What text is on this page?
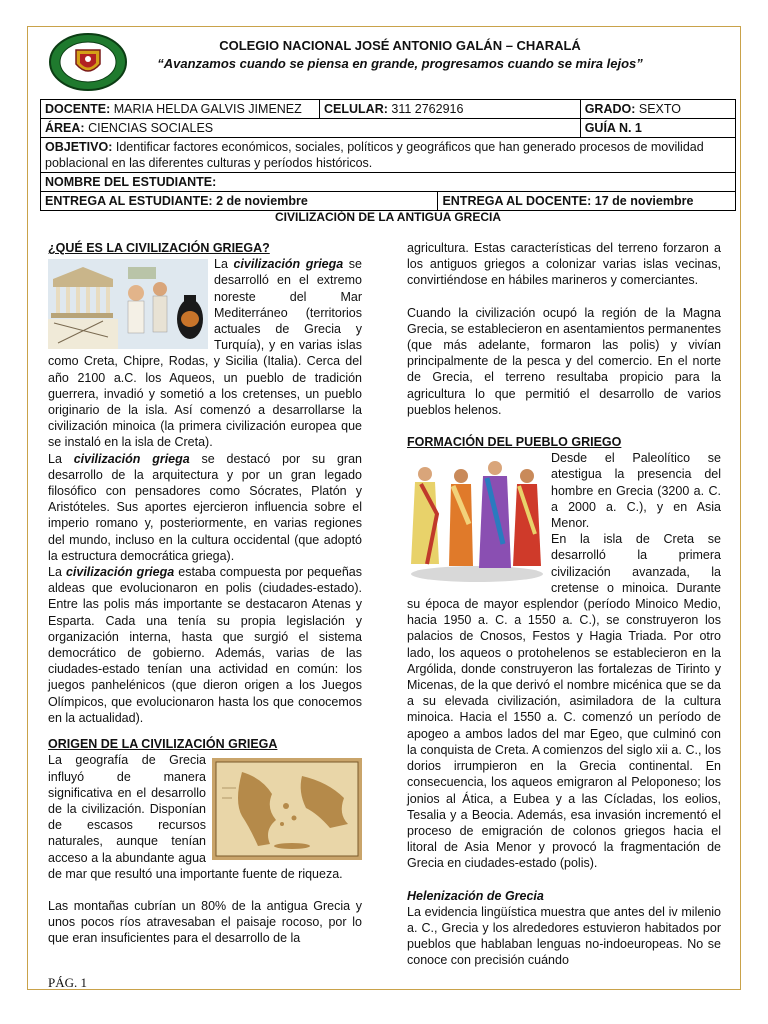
COLEGIO NACIONAL JOSÉ ANTONIO GALÁN – CHARALÁ
“Avanzamos cuando se piensa en grande, progresamos cuando se mira lejos”
DOCENTE: MARIA HELDA GALVIS JIMENEZ	CELULAR: 311 2762916		GRADO: SEXTO
ÁREA: CIENCIAS SOCIALES			GUÍA N. 1
OBJETIVO: Identificar factores económicos, sociales, políticos y geográficos que han generado procesos de movilidad poblacional en las diferentes culturas y períodos históricos.			
NOMBRE DEL ESTUDIANTE:			
ENTREGA AL ESTUDIANTE: 2 de noviembre		ENTREGA AL DOCENTE: 17 de noviembre	
CIVILIZACIÓN DE LA ANTIGUA GRECIA

¿QUÉ ES LA CIVILIZACIÓN GRIEGA?

La civilización griega se desarrolló en el extremo noreste del Mar Mediterráneo (territorios actuales de Grecia y Turquía), y en varias islas como Creta, Chipre, Rodas, y Sicilia (Italia). Cerca del año 2100 a.C. los Aqueos, un pueblo de tradición guerrera, invadió y sometió a los cretenses, un pueblo originario de la isla. Así comenzó a desarrollarse la civilización minoica (la primera civilización europea que se instaló en la isla de Creta).

La civilización griega se destacó por su gran desarrollo de la arquitectura y por un gran legado filosófico con pensadores como Sócrates, Platón y Aristóteles. Sus aportes ejercieron influencia sobre el imperio romano y, posteriormente, en varias regiones del mundo, incluso en la cultura occidental (que adoptó la estructura democrática griega).

La civilización griega estaba compuesta por pequeñas aldeas que evolucionaron en polis (ciudades-estado). Entre las polis más importante se destacaron Atenas y Esparta. Cada una tenía su propia legislación y organización interna, hasta que surgió el sistema democrático de gobierno. Además, varias de las ciudades-estado tenían una actividad en común: los juegos panhelénicos (que dieron origen a los Juegos Olímpicos, que evolucionaron hasta los que conocemos en la actualidad).

ORIGEN DE LA CIVILIZACIÓN GRIEGA

La geografía de Grecia influyó de manera significativa en el desarrollo de la civilización. Disponían de escasos recursos naturales, aunque tenían acceso a la abundante agua de mar que resultó una importante fuente de riqueza.

Las montañas cubrían un 80% de la antigua Grecia y unos pocos ríos atravesaban el paisaje rocoso, por lo que eran insuficientes para el desarrollo de la

agricultura. Estas características del terreno forzaron a los antiguos griegos a colonizar varias islas vecinas, convirtiéndose en hábiles marineros y comerciantes.

Cuando la civilización ocupó la región de la Magna Grecia, se establecieron en asentamientos permanentes (que más adelante, formaron las polis) y vivían principalmente de la pesca y del comercio. En el norte de Grecia, el terreno resultaba propicio para la agricultura lo que permitió el desarrollo de varios pueblos helenos.

FORMACIÓN DEL PUEBLO GRIEGO

Desde el Paleolítico se atestigua la presencia del hombre en Grecia (3200 a. C. a 2000 a. C.), y en Asia Menor.

En la isla de Creta se desarrolló la primera civilización avanzada, la cretense o minoica. Durante su época de mayor esplendor (período Minoico Medio, hacia 1950 a. C. a 1550 a. C.), se construyeron los palacios de Cnosos, Festos y Hagia Triada. Por otro lado, los aqueos o protohelenos se establecieron en la Argólida, donde construyeron las fortalezas de Tirinto y Micenas, de la que derivó el nombre micénica que se da a su elevada civilización, asimiladora de la cultura minoica. Hacia el 1550 a. C. comenzó un período de apogeo a ambos lados del mar Egeo, que culminó con la conquista de Creta. A comienzos del siglo xii a. C., los dorios irrumpieron en la Grecia continental. En consecuencia, los aqueos emigraron al Peloponeso; los jonios al Ática, a Eubea y a las Cícladas, los eolios, Tesalia y a Beocia. Además, esa invasión incrementó el proceso de emigración de colonos griegos hacia el litoral de Asia Menor y provocó la fragmentación de Grecia en ciudades-estado (polis).

Helenización de Grecia

La evidencia lingüística muestra que antes del iv milenio a. C., Grecia y los alrededores estuvieron habitados por pueblos que hablaban lenguas no-indoeuropeas. No se conoce con precisión cuándo

PÁG. 1
